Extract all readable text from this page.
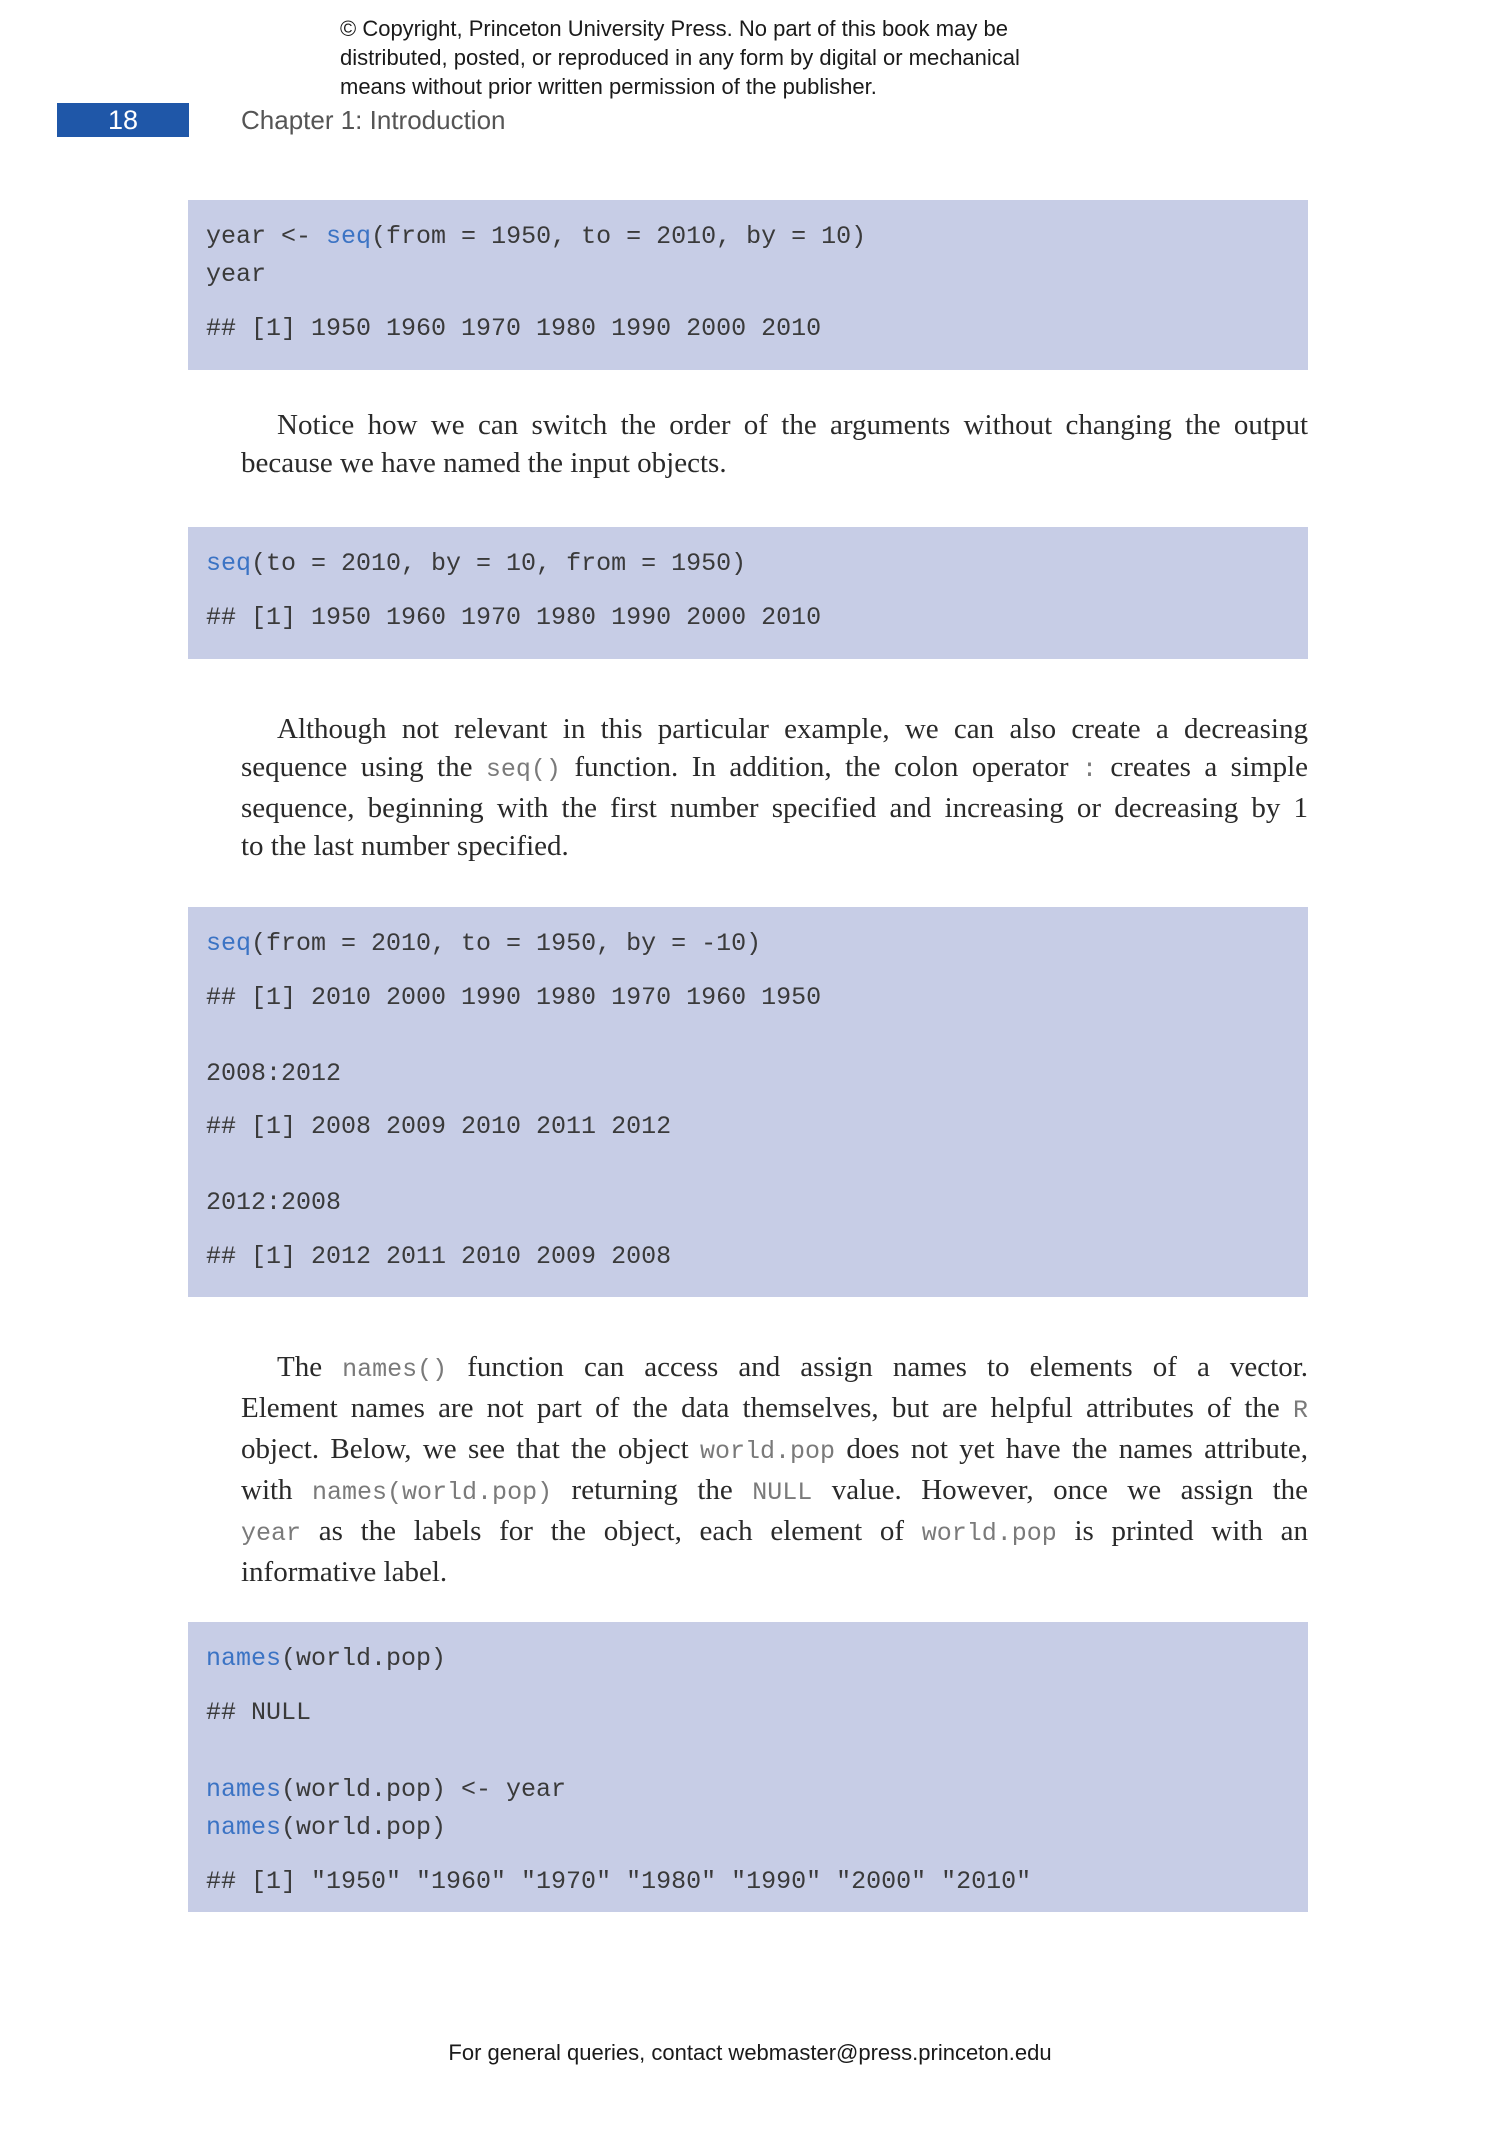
© Copyright, Princeton University Press. No part of this book may be
distributed, posted, or reproduced in any form by digital or mechanical
means without prior written permission of the publisher.
18	Chapter 1: Introduction
year <- seq(from = 1950, to = 2010, by = 10)
year
## [1] 1950 1960 1970 1980 1990 2000 2010
Notice how we can switch the order of the arguments without changing the output
because we have named the input objects.
seq(to = 2010, by = 10, from = 1950)
## [1] 1950 1960 1970 1980 1990 2000 2010
Although not relevant in this particular example, we can also create a decreasing
sequence using the seq() function. In addition, the colon operator : creates a simple
sequence, beginning with the first number specified and increasing or decreasing by 1
to the last number specified.
seq(from = 2010, to = 1950, by = -10)
## [1] 2010 2000 1990 1980 1970 1960 1950
2008:2012
## [1] 2008 2009 2010 2011 2012
2012:2008
## [1] 2012 2011 2010 2009 2008
The names() function can access and assign names to elements of a vector.
Element names are not part of the data themselves, but are helpful attributes of the R
object. Below, we see that the object world.pop does not yet have the names attribute,
with names(world.pop) returning the NULL value. However, once we assign the
year as the labels for the object, each element of world.pop is printed with an
informative label.
names(world.pop)
## NULL
names(world.pop) <- year
names(world.pop)
## [1] "1950" "1960" "1970" "1980" "1990" "2000" "2010"
For general queries, contact webmaster@press.princeton.edu
